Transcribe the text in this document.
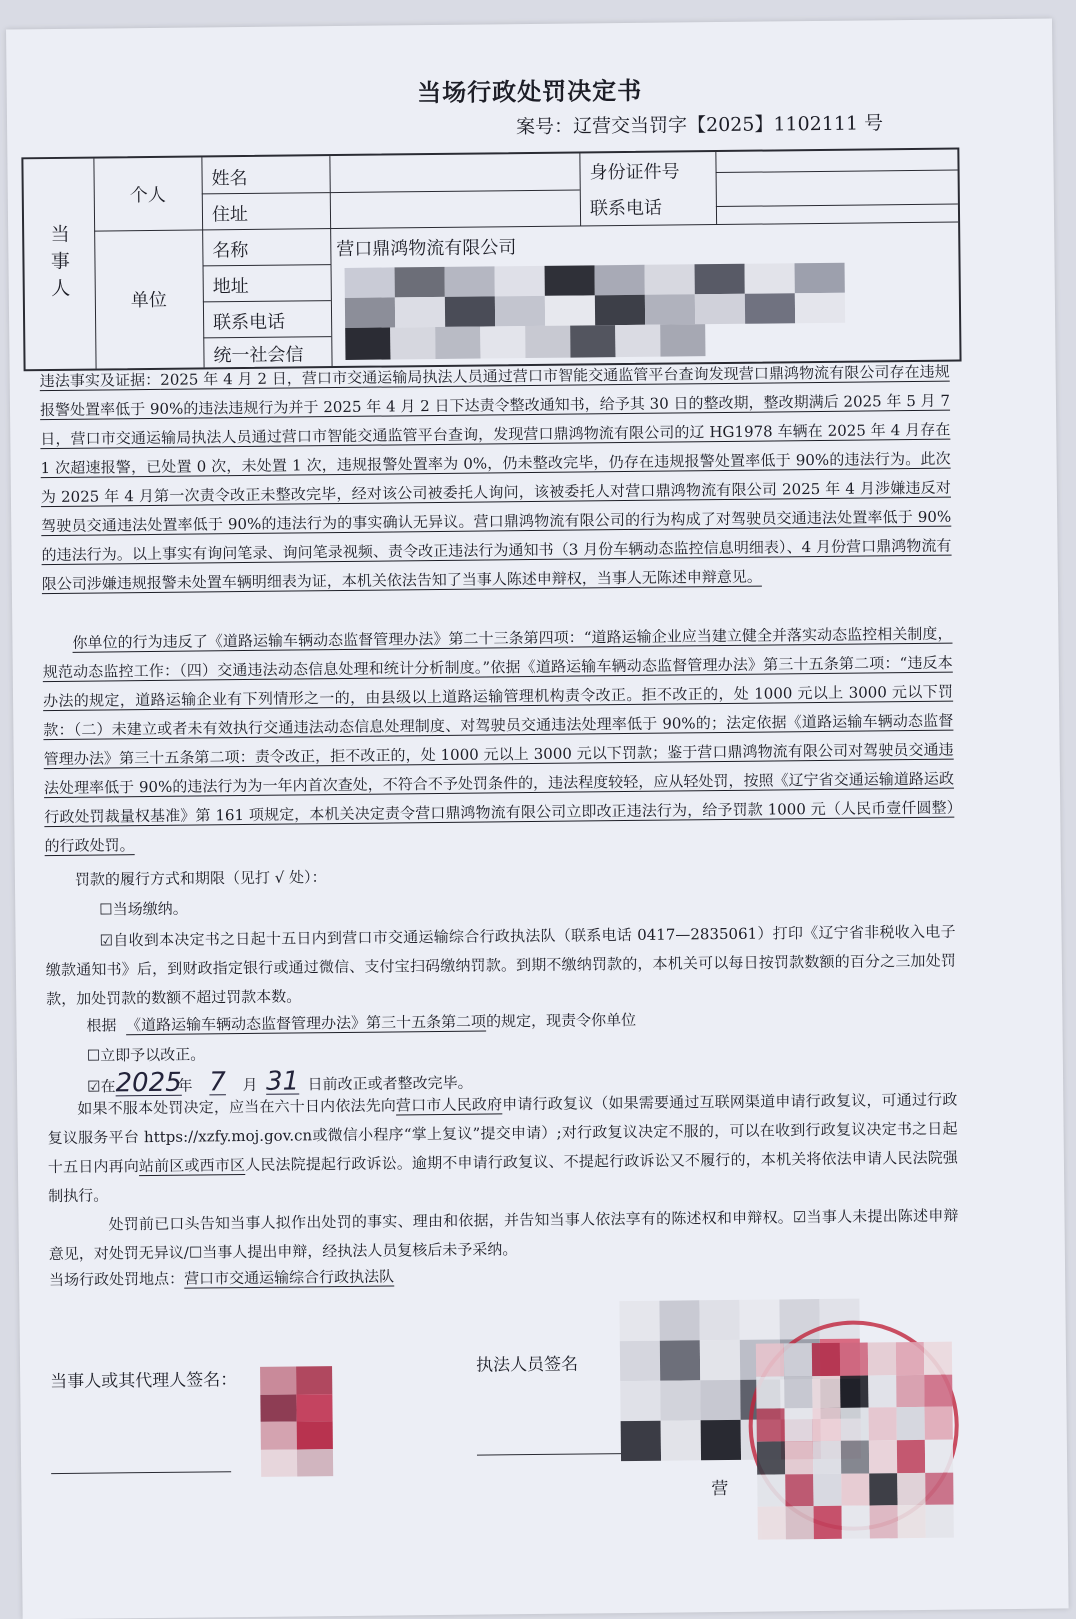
当场行政处罚决定书
案号：辽营交当罚字【2025】1102111 号
当事人
个人
单位
姓名
住址
名称
地址
联系电话
统一社会信
身份证件号
联系电话
营口鼎鸿物流有限公司
违法事实及证据：2025 年 4 月 2 日，营口市交通运输局执法人员通过营口市智能交通监管平台查询发现营口鼎鸿物流有限公司存在违规报警处置率低于 90%的违法违规行为并于 2025 年 4 月 2 日下达责令整改通知书，给予其 30 日的整改期，整改期满后 2025 年 5 月 7 日，营口市交通运输局执法人员通过营口市智能交通监管平台查询，发现营口鼎鸿物流有限公司的辽 HG1978 车辆在 2025 年 4 月存在 1 次超速报警，已处置 0 次，未处置 1 次，违规报警处置率为 0%，仍未整改完毕，仍存在违规报警处置率低于 90%的违法行为。此次为 2025 年 4 月第一次责令改正未整改完毕，经对该公司被委托人询问，该被委托人对营口鼎鸿物流有限公司 2025 年 4 月涉嫌违反对驾驶员交通违法处置率低于 90%的违法行为的事实确认无异议。营口鼎鸿物流有限公司的行为构成了对驾驶员交通违法处置率低于 90%的违法行为。以上事实有询问笔录、询问笔录视频、责令改正违法行为通知书（3 月份车辆动态监控信息明细表）、4 月份营口鼎鸿物流有限公司涉嫌违规报警未处置车辆明细表为证，本机关依法告知了当事人陈述申辩权，当事人无陈述申辩意见。
你单位的行为违反了《道路运输车辆动态监督管理办法》第二十三条第四项：“道路运输企业应当建立健全并落实动态监控相关制度，规范动态监控工作：（四）交通违法动态信息处理和统计分析制度。”依据《道路运输车辆动态监督管理办法》第三十五条第二项：“违反本办法的规定，道路运输企业有下列情形之一的，由县级以上道路运输管理机构责令改正。拒不改正的，处 1000 元以上 3000 元以下罚款：（二）未建立或者未有效执行交通违法动态信息处理制度、对驾驶员交通违法处理率低于 90%的；法定依据《道路运输车辆动态监督管理办法》第三十五条第二项：责令改正，拒不改正的，处 1000 元以上 3000 元以下罚款；鉴于营口鼎鸿物流有限公司对驾驶员交通违法处理率低于 90%的违法行为为一年内首次查处，不符合不予处罚条件的，违法程度较轻，应从轻处罚，按照《辽宁省交通运输道路运政行政处罚裁量权基准》第 161 项规定，本机关决定责令营口鼎鸿物流有限公司立即改正违法行为，给予罚款 1000 元（人民币壹仟圆整）的行政处罚。
罚款的履行方式和期限（见打 √ 处）：
☐当场缴纳。
☑自收到本决定书之日起十五日内到营口市交通运输综合行政执法队（联系电话 0417—2835061）打印《辽宁省非税收入电子缴款通知书》后，到财政指定银行或通过微信、支付宝扫码缴纳罚款。到期不缴纳罚款的，本机关可以每日按罚款数额的百分之三加处罚款，加处罚款的数额不超过罚款本数。
根据 《道路运输车辆动态监督管理办法》第三十五条第二项的规定，现责令你单位
☐立即予以改正。
☑在2025年 7 月 31 日前改正或者整改完毕。
如果不服本处罚决定，应当在六十日内依法先向营口市人民政府申请行政复议（如果需要通过互联网渠道申请行政复议，可通过行政复议服务平台 https://xzfy.moj.gov.cn或微信小程序“掌上复议”提交申请）;对行政复议决定不服的，可以在收到行政复议决定书之日起十五日内再向站前区或西市区人民法院提起行政诉讼。逾期不申请行政复议、不提起行政诉讼又不履行的，本机关将依法申请人民法院强制执行。
处罚前已口头告知当事人拟作出处罚的事实、理由和依据，并告知当事人依法享有的陈述权和申辩权。☑当事人未提出陈述申辩意见，对处罚无异议/☐当事人提出申辩，经执法人员复核后未予采纳。
当场行政处罚地点：营口市交通运输综合行政执法队
当事人或其代理人签名：
执法人员签名
营
